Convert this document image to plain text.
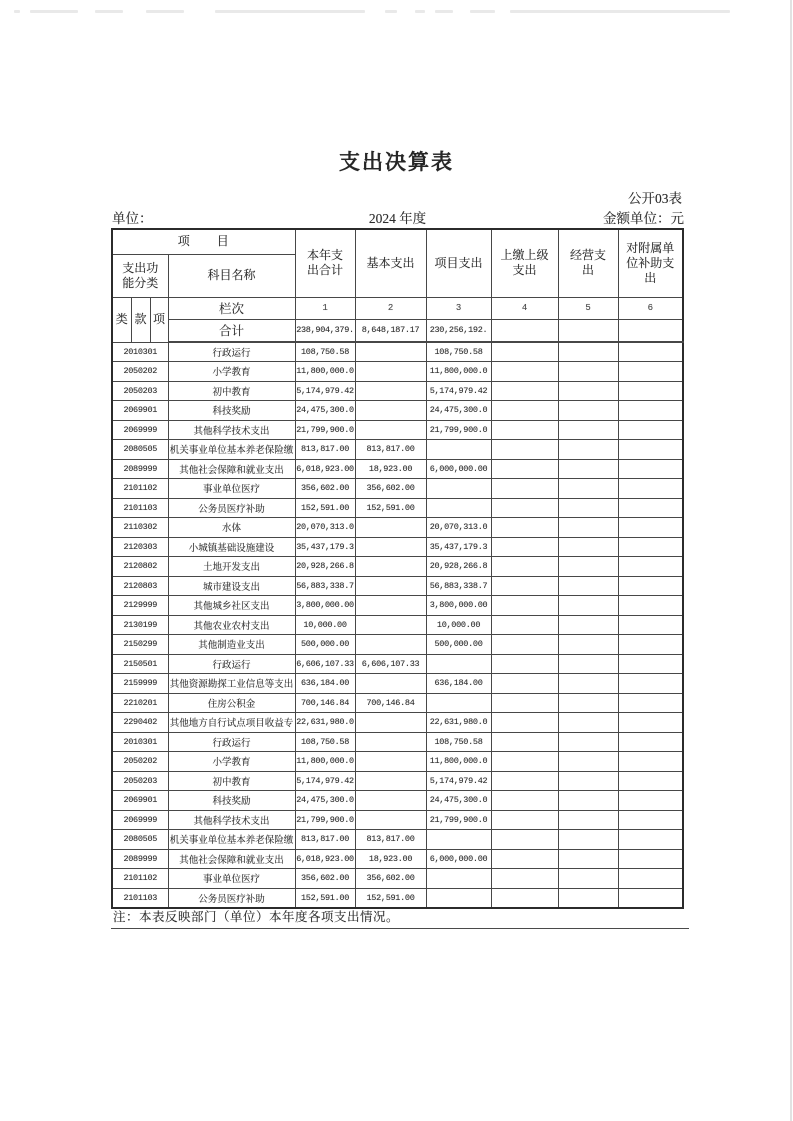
支出决算表
公开03表
单位：	2024 年度	金额单位：元
项　　目				本年支出合计	基本支出	项目支出	上缴上级支出	经营支出	对附属单位补助支出
支出功能分类			科目名称						
类	款	项	栏次	1	2	3	4	5	6
			合计	238,904,379.	8,648,187.17	230,256,192.			
2010301			行政运行	108,750.58		108,750.58			
2050202			小学教育	11,800,000.0		11,800,000.0			
2050203			初中教育	5,174,979.42		5,174,979.42			
2069901			科技奖励	24,475,300.0		24,475,300.0			
2069999			其他科学技术支出	21,799,900.0		21,799,900.0			
2080505			机关事业单位基本养老保险缴	813,817.00	813,817.00				
2089999			其他社会保障和就业支出	6,018,923.00	18,923.00	6,000,000.00			
2101102			事业单位医疗	356,602.00	356,602.00				
2101103			公务员医疗补助	152,591.00	152,591.00				
2110302			水体	20,070,313.0		20,070,313.0			
2120303			小城镇基础设施建设	35,437,179.3		35,437,179.3			
2120802			土地开发支出	20,928,266.8		20,928,266.8			
2120803			城市建设支出	56,883,338.7		56,883,338.7			
2129999			其他城乡社区支出	3,800,000.00		3,800,000.00			
2130199			其他农业农村支出	10,000.00		10,000.00			
2150299			其他制造业支出	500,000.00		500,000.00			
2150501			行政运行	6,606,107.33	6,606,107.33				
2159999			其他资源勘探工业信息等支出	636,184.00		636,184.00			
2210201			住房公积金	700,146.84	700,146.84				
2290402			其他地方自行试点项目收益专	22,631,980.0		22,631,980.0			
2010301			行政运行	108,750.58		108,750.58			
2050202			小学教育	11,800,000.0		11,800,000.0			
2050203			初中教育	5,174,979.42		5,174,979.42			
2069901			科技奖励	24,475,300.0		24,475,300.0			
2069999			其他科学技术支出	21,799,900.0		21,799,900.0			
2080505			机关事业单位基本养老保险缴	813,817.00	813,817.00				
2089999			其他社会保障和就业支出	6,018,923.00	18,923.00	6,000,000.00			
2101102			事业单位医疗	356,602.00	356,602.00				
2101103			公务员医疗补助	152,591.00	152,591.00				
注：本表反映部门（单位）本年度各项支出情况。
